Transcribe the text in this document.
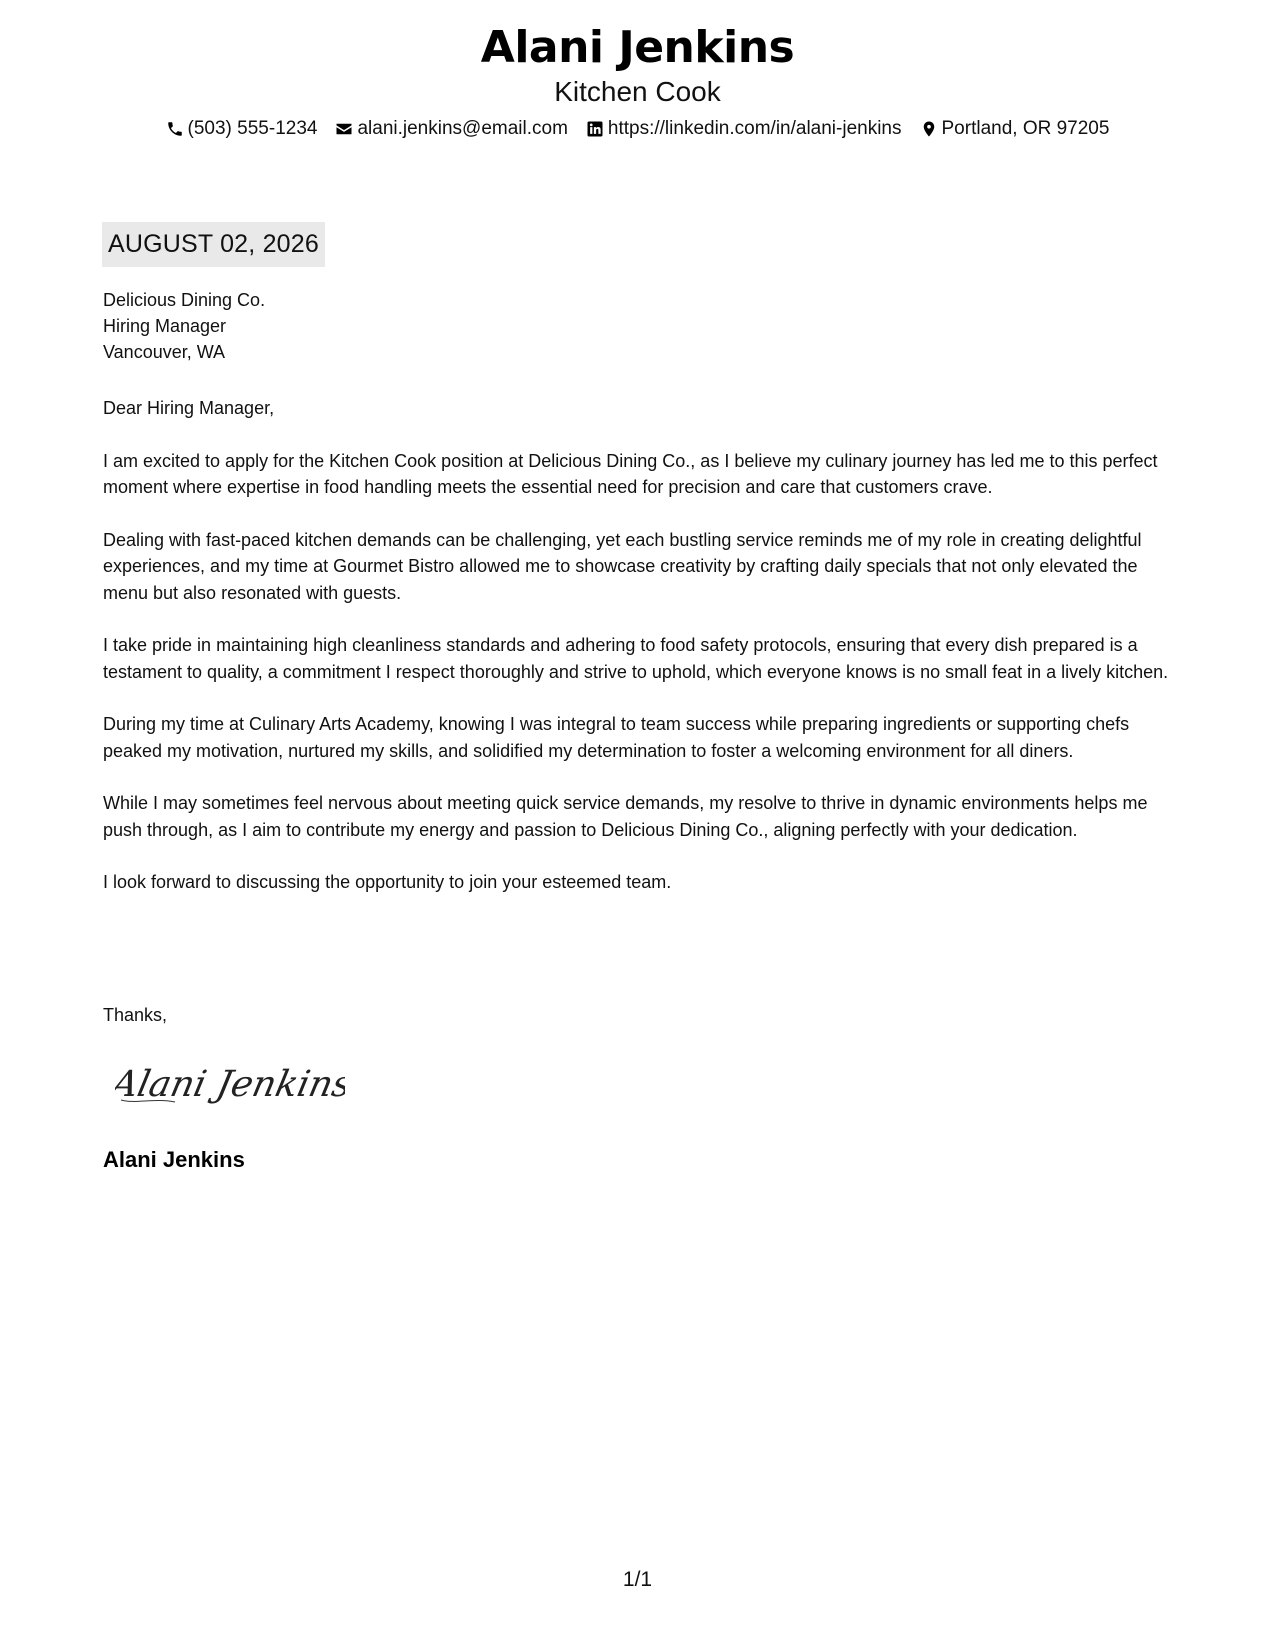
Alani Jenkins
Kitchen Cook
(503) 555-1234 alani.jenkins@email.com https://linkedin.com/in/alani-jenkins Portland, OR 97205
AUGUST 02, 2026
Delicious Dining Co.
Hiring Manager
Vancouver, WA

Dear Hiring Manager,

I am excited to apply for the Kitchen Cook position at Delicious Dining Co., as I believe my culinary journey has led me to this perfect moment where expertise in food handling meets the essential need for precision and care that customers crave.

Dealing with fast-paced kitchen demands can be challenging, yet each bustling service reminds me of my role in creating delightful experiences, and my time at Gourmet Bistro allowed me to showcase creativity by crafting daily specials that not only elevated the menu but also resonated with guests.

I take pride in maintaining high cleanliness standards and adhering to food safety protocols, ensuring that every dish prepared is a testament to quality, a commitment I respect thoroughly and strive to uphold, which everyone knows is no small feat in a lively kitchen.

During my time at Culinary Arts Academy, knowing I was integral to team success while preparing ingredients or supporting chefs peaked my motivation, nurtured my skills, and solidified my determination to foster a welcoming environment for all diners.

While I may sometimes feel nervous about meeting quick service demands, my resolve to thrive in dynamic environments helps me push through, as I aim to contribute my energy and passion to Delicious Dining Co., aligning perfectly with your dedication.

I look forward to discussing the opportunity to join your esteemed team.

Thanks,
Alani Jenkins
Alani Jenkins
1/1
